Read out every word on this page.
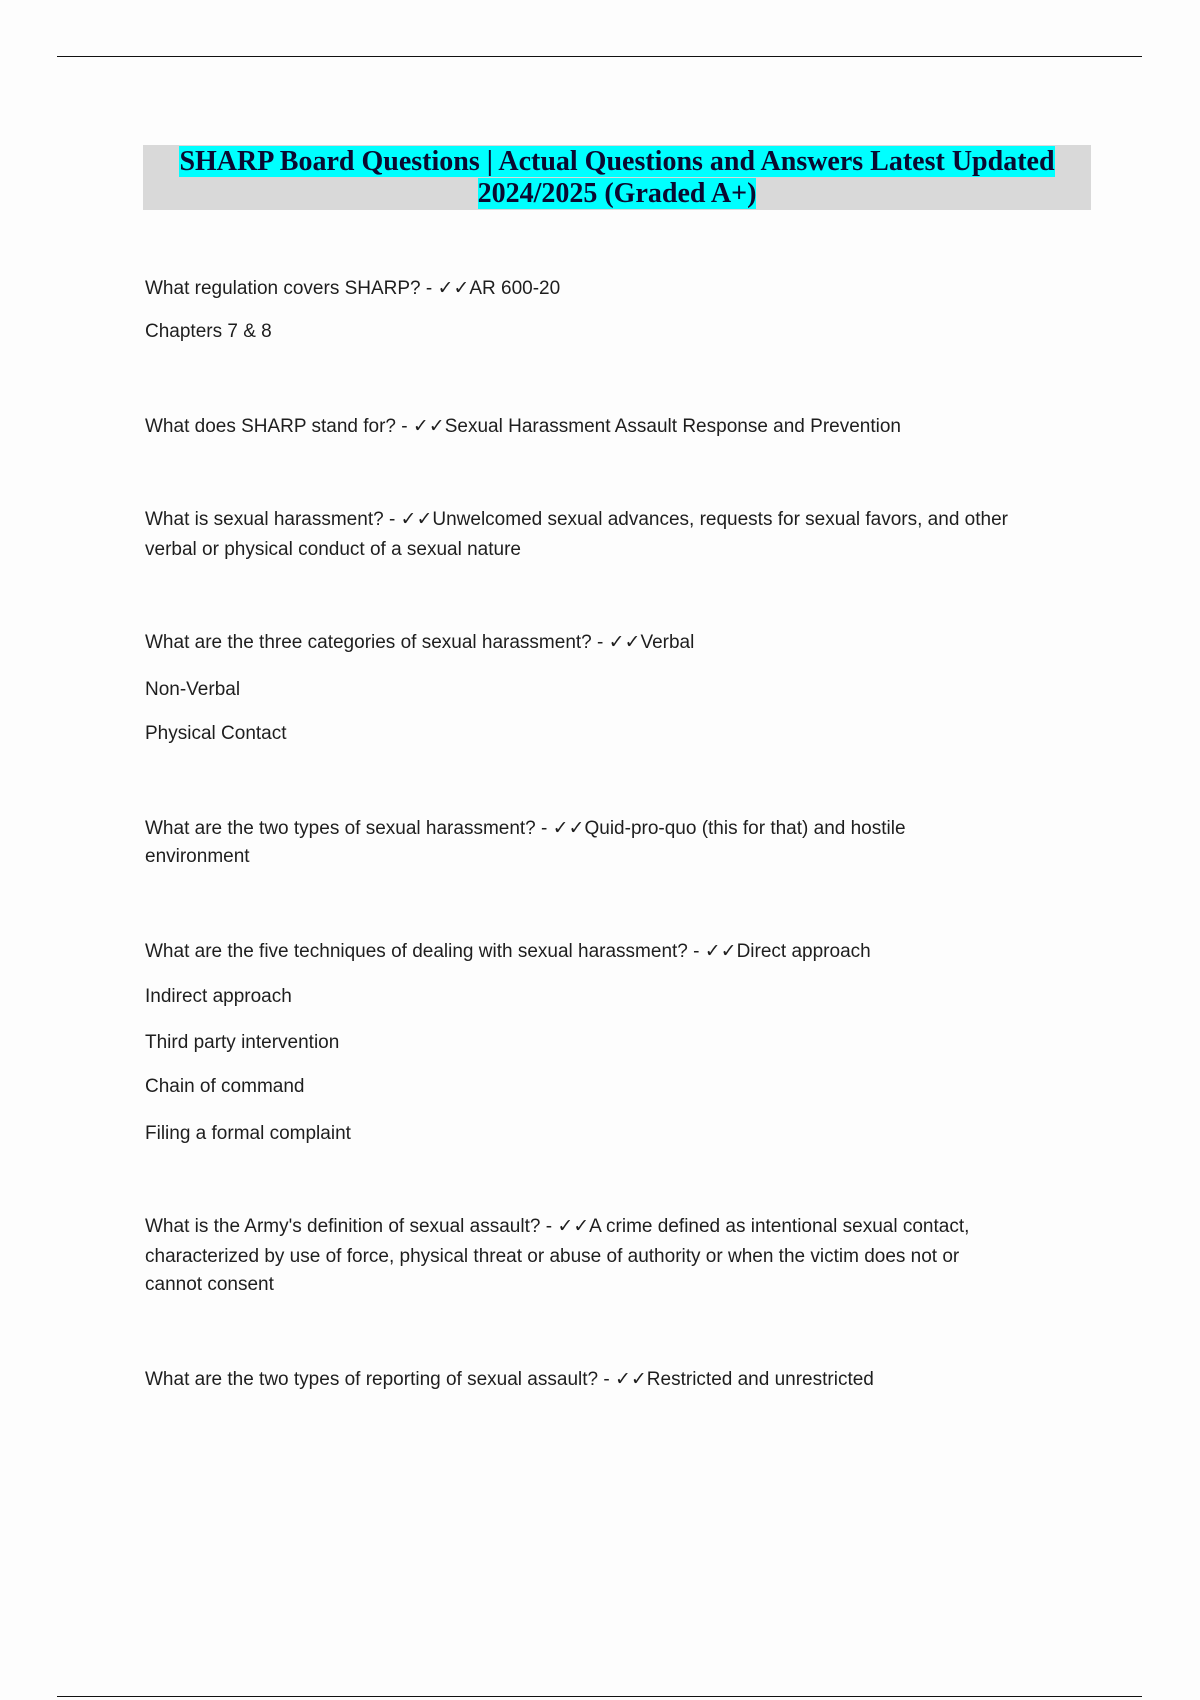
SHARP Board Questions | Actual Questions and Answers Latest Updated
2024/2025 (Graded A+)
What regulation covers SHARP? - ✓✓AR 600-20
Chapters 7 & 8
What does SHARP stand for? - ✓✓Sexual Harassment Assault Response and Prevention
What is sexual harassment? - ✓✓Unwelcomed sexual advances, requests for sexual favors, and other
verbal or physical conduct of a sexual nature
What are the three categories of sexual harassment? - ✓✓Verbal
Non-Verbal
Physical Contact
What are the two types of sexual harassment? - ✓✓Quid-pro-quo (this for that) and hostile
environment
What are the five techniques of dealing with sexual harassment? - ✓✓Direct approach
Indirect approach
Third party intervention
Chain of command
Filing a formal complaint
What is the Army's definition of sexual assault? - ✓✓A crime defined as intentional sexual contact,
characterized by use of force, physical threat or abuse of authority or when the victim does not or
cannot consent
What are the two types of reporting of sexual assault? - ✓✓Restricted and unrestricted
